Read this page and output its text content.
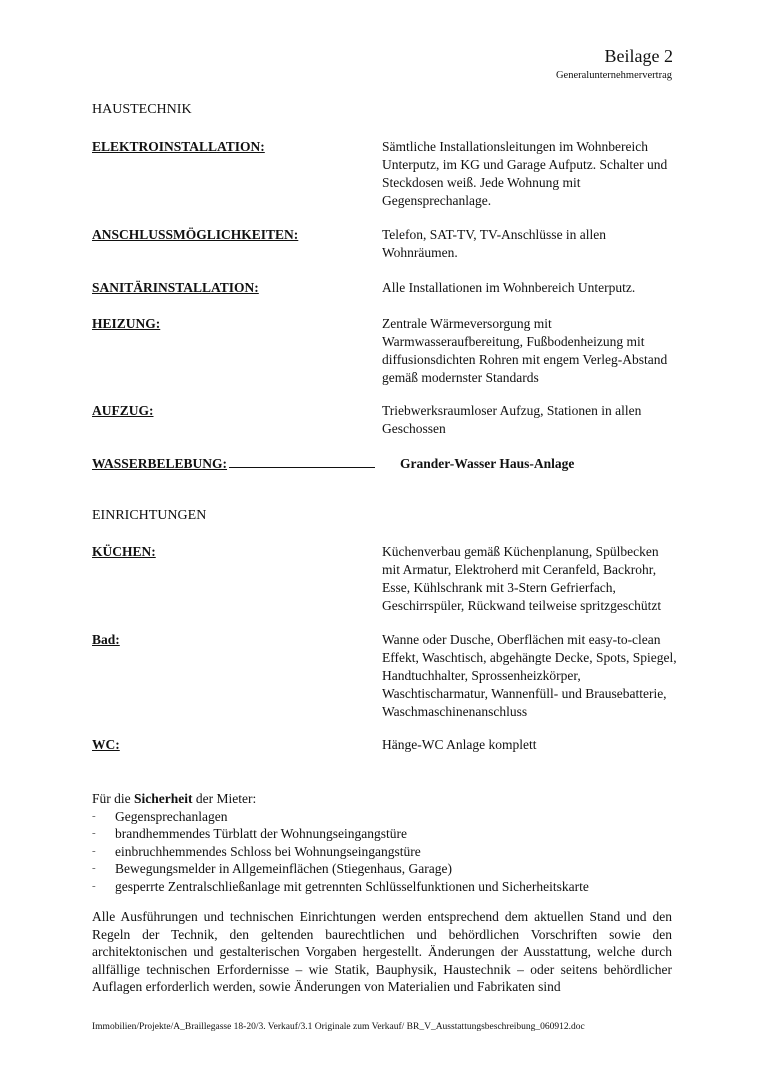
Beilage 2
Generalunternehmervertrag
HAUSTECHNIK
ELEKTROINSTALLATION:	Sämtliche Installationsleitungen im Wohnbereich Unterputz, im KG und Garage Aufputz. Schalter und Steckdosen weiß. Jede Wohnung mit Gegensprechanlage.
ANSCHLUSSMÖGLICHKEITEN:	Telefon, SAT-TV, TV-Anschlüsse in allen Wohnräumen.
SANITÄRINSTALLATION:	Alle Installationen im Wohnbereich Unterputz.
HEIZUNG:	Zentrale Wärmeversorgung mit Warmwasseraufbereitung, Fußbodenheizung mit diffusionsdichten Rohren mit engem Verleg-Abstand gemäß modernster Standards
AUFZUG:	Triebwerksraumloser Aufzug, Stationen in allen Geschossen
WASSERBELEBUNG:	Grander-Wasser Haus-Anlage
EINRICHTUNGEN
KÜCHEN:	Küchenverbau gemäß Küchenplanung, Spülbecken mit Armatur, Elektroherd mit Ceranfeld, Backrohr, Esse, Kühlschrank mit 3-Stern Gefrierfach, Geschirrspüler, Rückwand teilweise spritzgeschützt
Bad:	Wanne oder Dusche, Oberflächen mit easy-to-clean Effekt, Waschtisch, abgehängte Decke, Spots, Spiegel, Handtuchhalter, Sprossenheizkörper, Waschtischarmatur, Wannenfüll- und Brausebatterie, Waschmaschinenanschluss
WC:	Hänge-WC Anlage komplett
Für die Sicherheit der Mieter:
- Gegensprechanlagen
- brandhemmendes Türblatt der Wohnungseingangstüre
- einbruchhemmendes Schloss bei Wohnungseingangstüre
- Bewegungsmelder in Allgemeinflächen (Stiegenhaus, Garage)
- gesperrte Zentralschließanlage mit getrennten Schlüsselfunktionen und Sicherheitskarte
Alle Ausführungen und technischen Einrichtungen werden entsprechend dem aktuellen Stand und den Regeln der Technik, den geltenden baurechtlichen und behördlichen Vorschriften sowie den architektonischen und gestalterischen Vorgaben hergestellt. Änderungen der Ausstattung, welche durch allfällige technischen Erfordernisse – wie Statik, Bauphysik, Haustechnik – oder seitens behördlicher Auflagen erforderlich werden, sowie Änderungen von Materialien und Fabrikaten sind
Immobilien/Projekte/A_Braillegasse 18-20/3. Verkauf/3.1 Originale zum Verkauf/ BR_V_Ausstattungsbeschreibung_060912.doc
